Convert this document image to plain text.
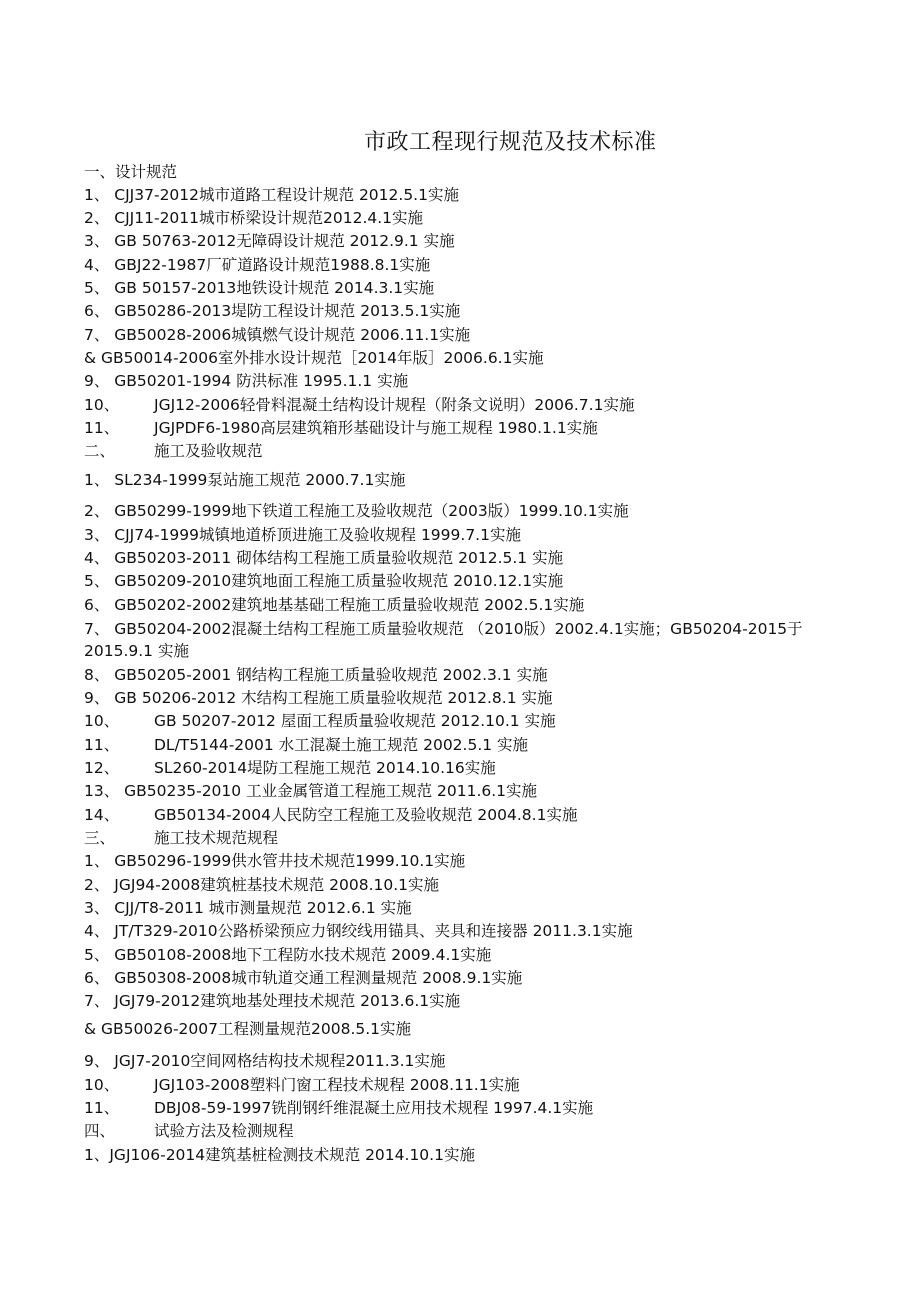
市政工程现行规范及技术标准
一、设计规范
1、 CJJ37-2012城市道路工程设计规范 2012.5.1实施
2、 CJJ11-2011城市桥梁设计规范2012.4.1实施
3、 GB 50763-2012无障碍设计规范 2012.9.1 实施
4、 GBJ22-1987厂矿道路设计规范1988.8.1实施
5、 GB 50157-2013地铁设计规范 2014.3.1实施
6、 GB50286-2013堤防工程设计规范 2013.5.1实施
7、 GB50028-2006城镇燃气设计规范 2006.11.1实施
& GB50014-2006室外排水设计规范［2014年版］2006.6.1实施
9、 GB50201-1994 防洪标准 1995.1.1 实施
10、 JGJ12-2006轻骨料混凝土结构设计规程（附条文说明）2006.7.1实施
11、 JGJPDF6-1980高层建筑箱形基础设计与施工规程 1980.1.1实施
二、	施工及验收规范
1、 SL234-1999泵站施工规范 2000.7.1实施
2、 GB50299-1999地下铁道工程施工及验收规范（2003版）1999.10.1实施
3、 CJJ74-1999城镇地道桥顶进施工及验收规程 1999.7.1实施
4、 GB50203-2011 砌体结构工程施工质量验收规范 2012.5.1 实施
5、 GB50209-2010建筑地面工程施工质量验收规范 2010.12.1实施
6、 GB50202-2002建筑地基基础工程施工质量验收规范 2002.5.1实施
7、 GB50204-2002混凝土结构工程施工质量验收规范 （2010版）2002.4.1实施；GB50204-2015于 2015.9.1 实施
8、 GB50205-2001 钢结构工程施工质量验收规范 2002.3.1 实施
9、 GB 50206-2012 木结构工程施工质量验收规范 2012.8.1 实施
10、 GB 50207-2012 屋面工程质量验收规范 2012.10.1 实施
11、 DL/T5144-2001 水工混凝土施工规范 2002.5.1 实施
12、 SL260-2014堤防工程施工规范 2014.10.16实施
13、 GB50235-2010 工业金属管道工程施工规范 2011.6.1实施
14、 GB50134-2004人民防空工程施工及验收规范 2004.8.1实施
三、	施工技术规范规程
1、 GB50296-1999供水管井技术规范1999.10.1实施
2、 JGJ94-2008建筑桩基技术规范 2008.10.1实施
3、 CJJ/T8-2011 城市测量规范 2012.6.1 实施
4、 JT/T329-2010公路桥梁预应力钢绞线用锚具、夹具和连接器 2011.3.1实施
5、 GB50108-2008地下工程防水技术规范 2009.4.1实施
6、 GB50308-2008城市轨道交通工程测量规范 2008.9.1实施
7、 JGJ79-2012建筑地基处理技术规范 2013.6.1实施
& GB50026-2007工程测量规范2008.5.1实施
9、 JGJ7-2010空间网格结构技术规程2011.3.1实施
10、 JGJ103-2008塑料门窗工程技术规程 2008.11.1实施
11、 DBJ08-59-1997铣削钢纤维混凝土应用技术规程 1997.4.1实施
四、	试验方法及检测规程
1、JGJ106-2014建筑基桩检测技术规范 2014.10.1实施
